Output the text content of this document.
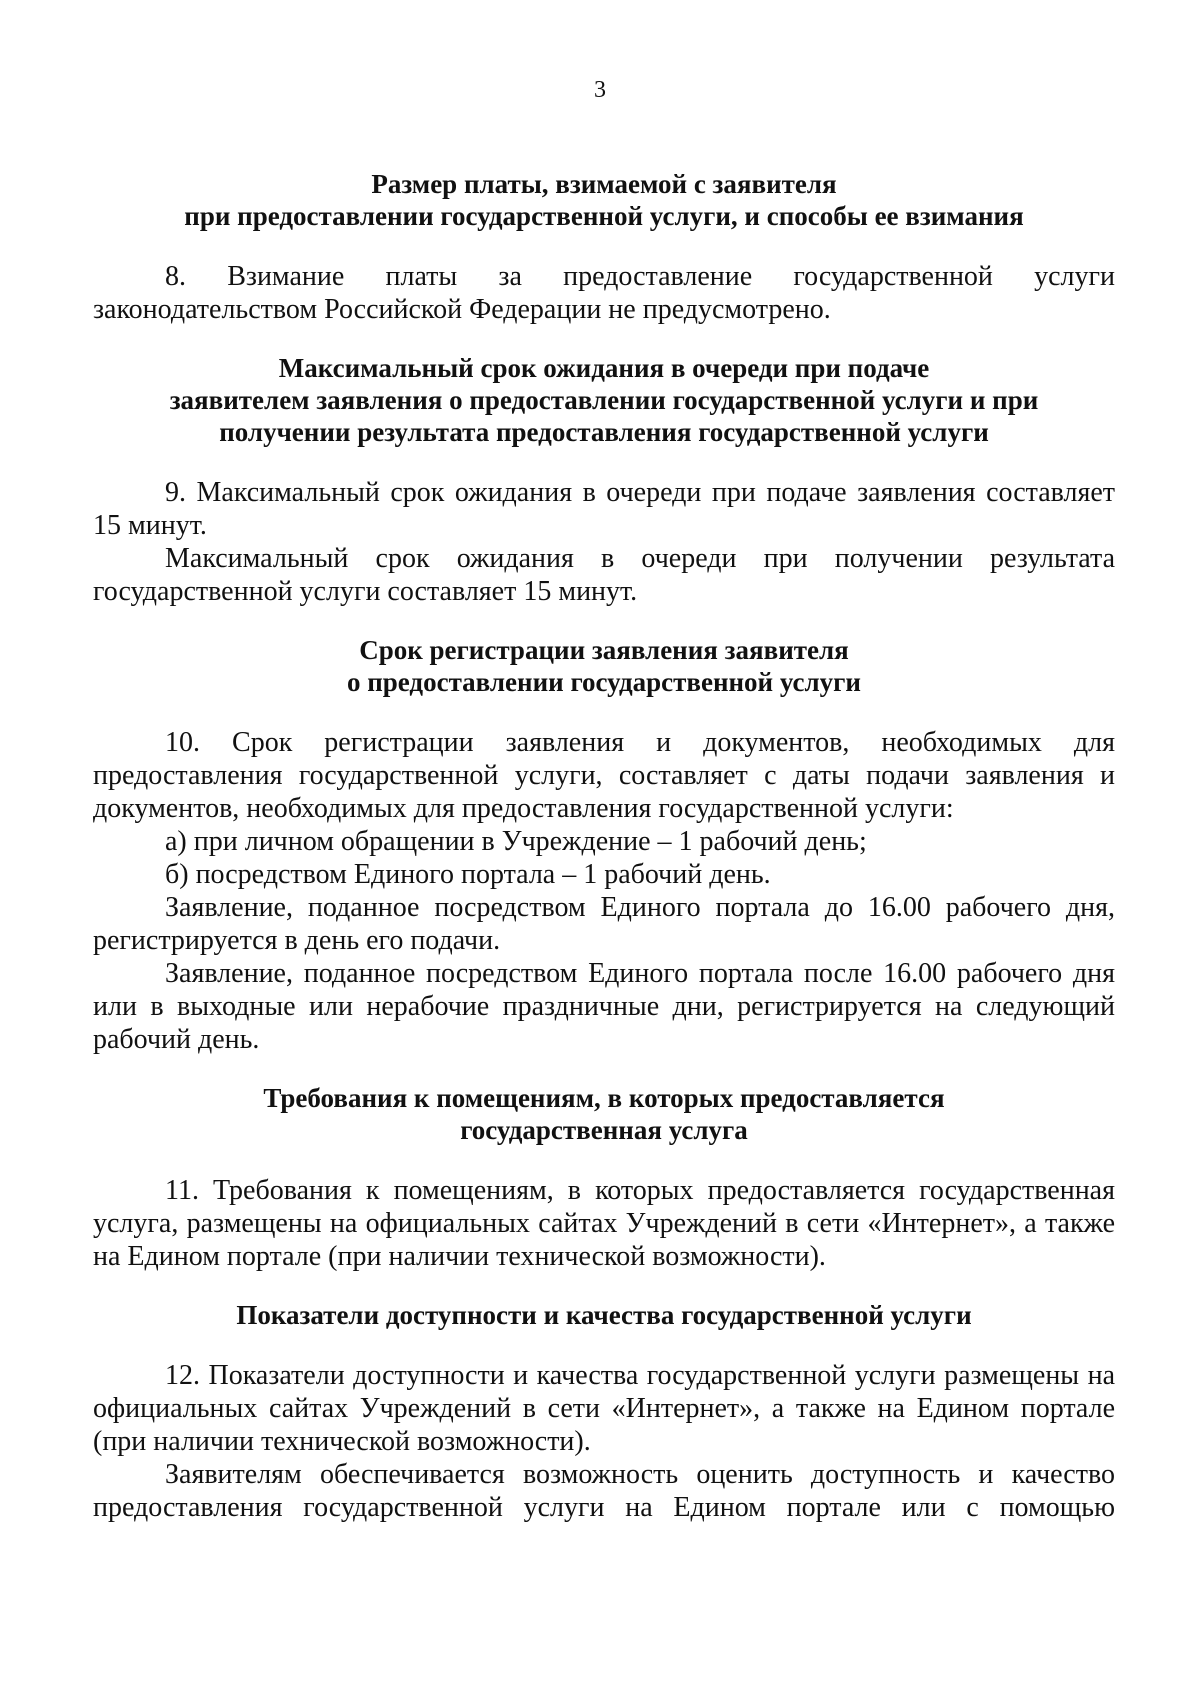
3

Размер платы, взимаемой с заявителя

при предоставлении государственной услуги, и способы ее взимания

8. Взимание платы за предоставление государственной услуги законодательством Российской Федерации не предусмотрено.

Максимальный срок ожидания в очереди при подаче

заявителем заявления о предоставлении государственной услуги и при

получении результата предоставления государственной услуги

9. Максимальный срок ожидания в очереди при подаче заявления составляет 15 минут.

Максимальный срок ожидания в очереди при получении результата государственной услуги составляет 15 минут.

Срок регистрации заявления заявителя

о предоставлении государственной услуги

10. Срок регистрации заявления и документов, необходимых для предоставления государственной услуги, составляет с даты подачи заявления и документов, необходимых для предоставления государственной услуги:

а) при личном обращении в Учреждение – 1 рабочий день;

б) посредством Единого портала – 1 рабочий день.

Заявление, поданное посредством Единого портала до 16.00 рабочего дня, регистрируется в день его подачи.

Заявление, поданное посредством Единого портала после 16.00 рабочего дня или в выходные или нерабочие праздничные дни, регистрируется на следующий рабочий день.

Требования к помещениям, в которых предоставляется

государственная услуга

11. Требования к помещениям, в которых предоставляется государственная услуга, размещены на официальных сайтах Учреждений в сети «Интернет», а также на Едином портале (при наличии технической возможности).

Показатели доступности и качества государственной услуги

12. Показатели доступности и качества государственной услуги размещены на официальных сайтах Учреждений в сети «Интернет», а также на Едином портале (при наличии технической возможности).

Заявителям обеспечивается возможность оценить доступность и качество предоставления государственной услуги на Едином портале или с помощью
